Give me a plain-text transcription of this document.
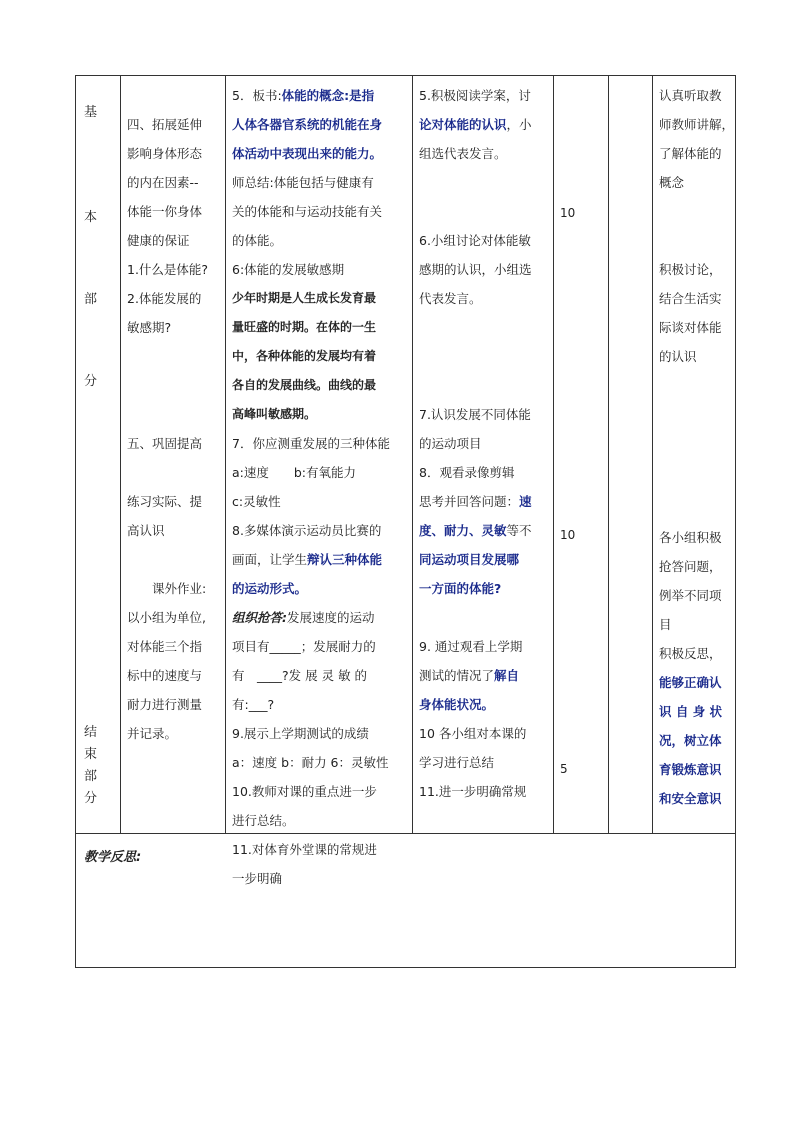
基
本
部
分
结
束
部
分
四、拓展延伸
影响身体形态
的内在因素--
体能一你身体
健康的保证
1.什么是体能?
2.体能发展的
敏感期?
五、巩固提高
练习实际、提
高认识
　　课外作业:
以小组为单位,
对体能三个指
标中的速度与
耐力进行测量
并记录。
5．板书:体能的概念:是指
人体各器官系统的机能在身
体活动中表现出来的能力。
师总结:体能包括与健康有
关的体能和与运动技能有关
的体能。
6:体能的发展敏感期
少年时期是人生成长发育最
量旺盛的时期。在体的一生
中，各种体能的发展均有着
各自的发展曲线。曲线的最
高峰叫敏感期。
7．你应测重发展的三种体能
a:速度　　b:有氧能力
c:灵敏性
8.多媒体演示运动员比赛的
画面，让学生辩认三种体能
的运动形式。
组织抢答:发展速度的运动
项目有_____；发展耐力的
有　____?发 展 灵 敏 的
有:___?
9.展示上学期测试的成绩
a：速度 b：耐力 6：灵敏性
10.教师对课的重点进一步
进行总结。
11.对体育外堂课的常规进
一步明确
5.积极阅读学案，讨
论对体能的认识，小
组选代表发言。
6.小组讨论对体能敏
感期的认识，小组选
代表发言。
7.认识发展不同体能
的运动项目
8．观看录像剪辑
思考并回答问题：速
度、耐力、灵敏等不
同运动项目发展哪
一方面的体能?
9. 通过观看上学期
测试的情况了解自
身体能状况。
10 各小组对本课的
学习进行总结
11.进一步明确常规
10
10
5
认真听取教
师教师讲解，
了解体能的
概念
积极讨论，
结合生活实
际谈对体能
的认识
各小组积极
抢答问题，
例举不同项
目
积极反思，
能够正确认
识 自 身 状
况，树立体
育锻炼意识
和安全意识
教学反思:
